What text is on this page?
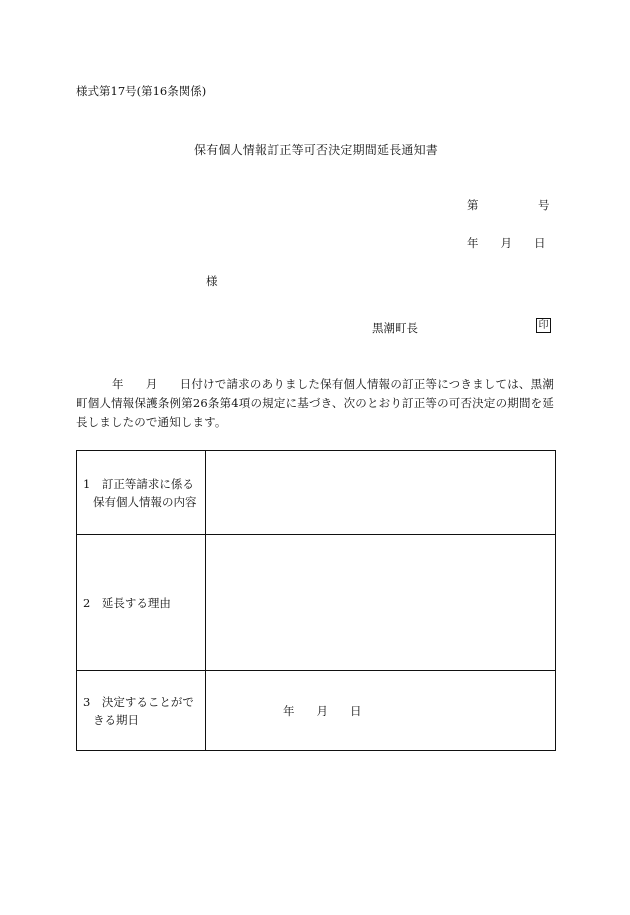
様式第17号(第16条関係)
保有個人情報訂正等可否決定期間延長通知書
第	号
年 月 日
様
黒潮町長	印
年 月 日付けで請求のありました保有個人情報の訂正等につきましては、黒潮町個人情報保護条例第26条第4項の規定に基づき、次のとおり訂正等の可否決定の期間を延長しましたので通知します。
1　訂正等請求に係る
保有個人情報の内容	

2　延長する理由	

3　決定することがで
きる期日	年 月 日
